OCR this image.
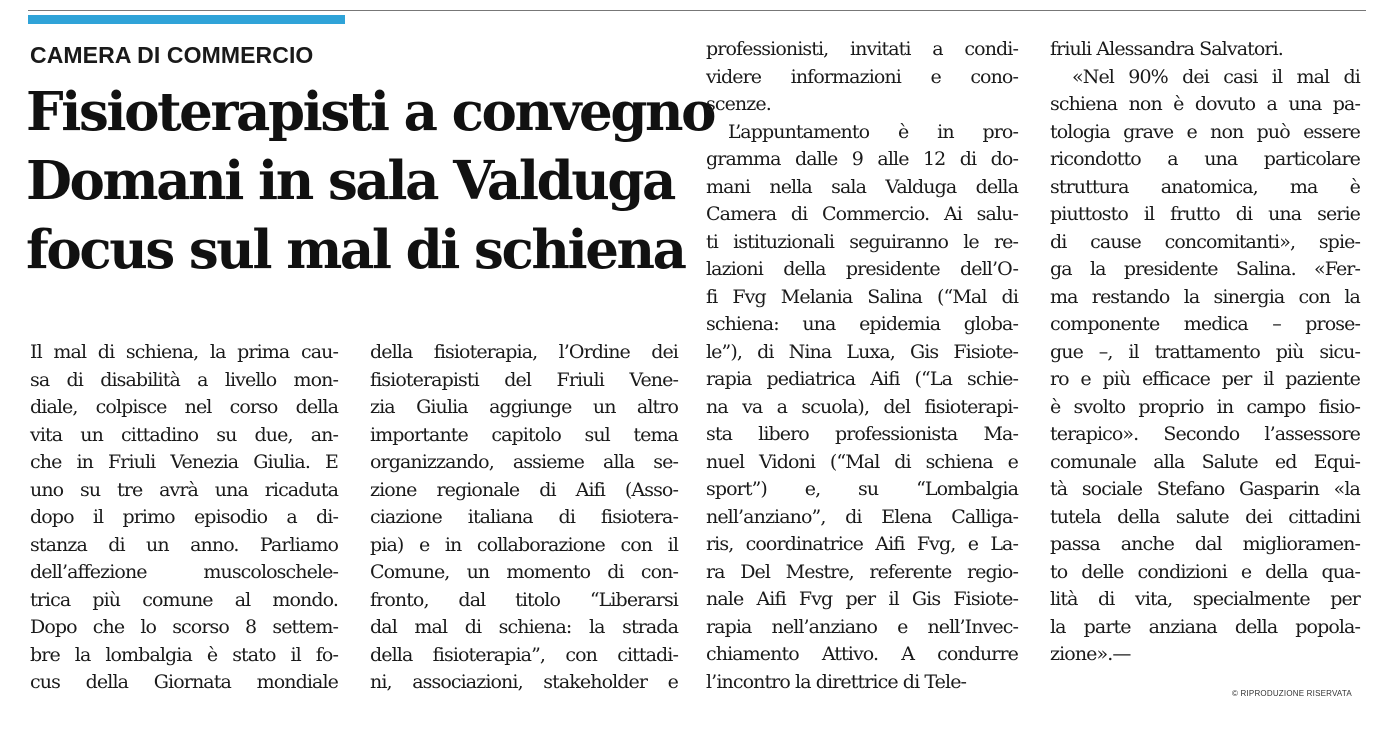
CAMERA DI COMMERCIO
Fisioterapisti a convegno
Domani in sala Valduga
focus sul mal di schiena
Il mal di schiena, la prima cau-
sa di disabilità a livello mon-
diale, colpisce nel corso della
vita un cittadino su due, an-
che in Friuli Venezia Giulia. E
uno su tre avrà una ricaduta
dopo il primo episodio a di-
stanza di un anno. Parliamo
dell’affezione muscoloschele-
trica più comune al mondo.
Dopo che lo scorso 8 settem-
bre la lombalgia è stato il fo-
cus della Giornata mondiale
della fisioterapia, l’Ordine dei
fisioterapisti del Friuli Vene-
zia Giulia aggiunge un altro
importante capitolo sul tema
organizzando, assieme alla se-
zione regionale di Aifi (Asso-
ciazione italiana di fisiotera-
pia) e in collaborazione con il
Comune, un momento di con-
fronto, dal titolo “Liberarsi
dal mal di schiena: la strada
della fisioterapia”, con cittadi-
ni, associazioni, stakeholder e
professionisti, invitati a condi-
videre informazioni e cono-
scenze.
L’appuntamento è in pro-
gramma dalle 9 alle 12 di do-
mani nella sala Valduga della
Camera di Commercio. Ai salu-
ti istituzionali seguiranno le re-
lazioni della presidente dell’O-
fi Fvg Melania Salina (“Mal di
schiena: una epidemia globa-
le”), di Nina Luxa, Gis Fisiote-
rapia pediatrica Aifi (“La schie-
na va a scuola), del fisioterapi-
sta libero professionista Ma-
nuel Vidoni (“Mal di schiena e
sport”) e, su “Lombalgia
nell’anziano”, di Elena Calliga-
ris, coordinatrice Aifi Fvg, e La-
ra Del Mestre, referente regio-
nale Aifi Fvg per il Gis Fisiote-
rapia nell’anziano e nell’Invec-
chiamento Attivo. A condurre
l’incontro la direttrice di Tele-
friuli Alessandra Salvatori.
«Nel 90% dei casi il mal di
schiena non è dovuto a una pa-
tologia grave e non può essere
ricondotto a una particolare
struttura anatomica, ma è
piuttosto il frutto di una serie
di cause concomitanti», spie-
ga la presidente Salina. «Fer-
ma restando la sinergia con la
componente medica – prose-
gue –, il trattamento più sicu-
ro e più efficace per il paziente
è svolto proprio in campo fisio-
terapico». Secondo l’assessore
comunale alla Salute ed Equi-
tà sociale Stefano Gasparin «la
tutela della salute dei cittadini
passa anche dal miglioramen-
to delle condizioni e della qua-
lità di vita, specialmente per
la parte anziana della popola-
zione».—
© RIPRODUZIONE RISERVATA
